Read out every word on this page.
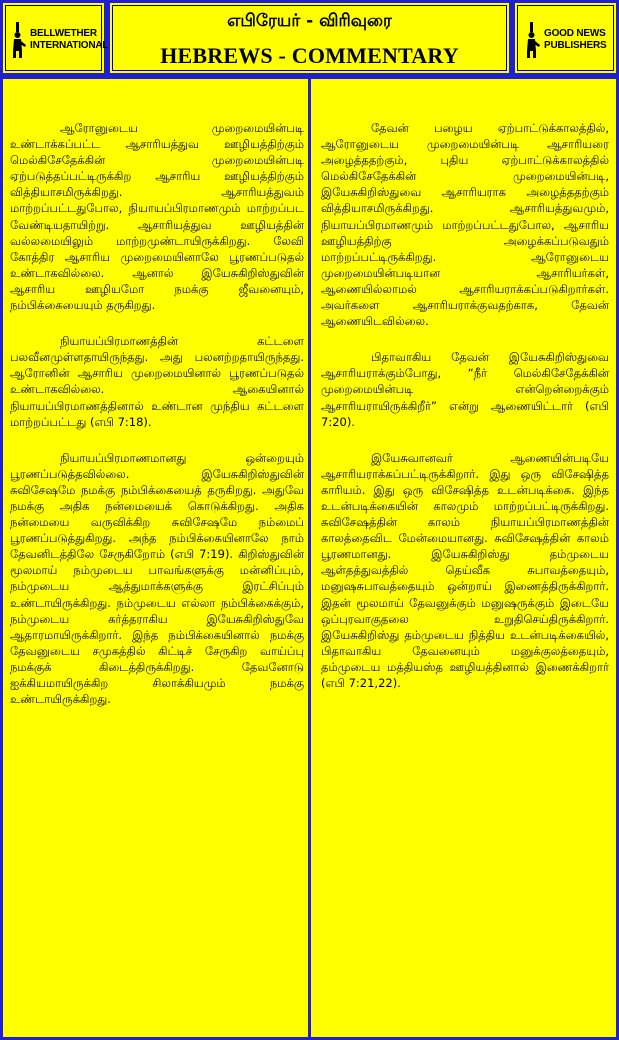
BELLWETHER
INTERNATIONAL
எபிரேயர் - விரிவுரை
HEBREWS - COMMENTARY
GOOD NEWS
PUBLISHERS

ஆரோனுடைய முறைமையின்படி உண்டாக்கப்பட்ட ஆசாரியத்துவ ஊழியத்திற்கும் மெல்கிசேதேக்கின் முறைமையின்படி ஏற்படுத்தப்பட்டிருக்கிற ஆசாரிய ஊழியத்திற்கும் வித்தியாசமிருக்கிறது. ஆசாரியத்துவம் மாற்றப்பட்டதுபோல, நியாயப்பிரமாணமும் மாற்றப்பட வேண்டியதாயிற்று. ஆசாரியத்துவ ஊழியத்தின் வல்லமையிலும் மாற்றமுண்டாயிருக்கிறது. லேவி கோத்திர ஆசாரிய முறைமையினாலே பூரணப்படுதல் உண்டாகவில்லை. ஆனால் இயேசுகிறிஸ்துவின் ஆசாரிய ஊழியமோ நமக்கு ஜீவனையும், நம்பிக்கையையும் தருகிறது.

நியாயப்பிரமாணத்தின் கட்டளை பலவீனமுள்ளதாயிருந்தது. அது பலனற்றதாயிருந்தது. ஆரோனின் ஆசாரிய முறைமையினால் பூரணப்படுதல் உண்டாகவில்லை. ஆகையினால் நியாயப்பிரமாணத்தினால் உண்டான முந்திய கட்டளை மாற்றப்பட்டது (எபி 7:18).

நியாயப்பிரமாணமானது ஒன்றையும் பூரணப்படுத்தவில்லை. இயேசுகிறிஸ்துவின் சுவிசேஷமே நமக்கு நம்பிக்கையைத் தருகிறது. அதுவே நமக்கு அதிக நன்மையைக் கொடுக்கிறது. அதிக நன்மையை வருவிக்கிற சுவிசேஷமே நம்மைப் பூரணப்படுத்துகிறது. அந்த நம்பிக்கையினாலே நாம் தேவனிடத்திலே சேருகிறோம் (எபி 7:19). கிறிஸ்துவின் மூலமாய் நம்முடைய பாவங்களுக்கு மன்னிப்பும், நம்முடைய ஆத்துமாக்களுக்கு இரட்சிப்பும் உண்டாயிருக்கிறது. நம்முடைய எல்லா நம்பிக்கைக்கும், நம்முடைய கர்த்தராகிய இயேசுகிறிஸ்துவே ஆதாரமாயிருக்கிறார். இந்த நம்பிக்கையினால் நமக்கு தேவனுடைய சமுகத்தில் கிட்டிச் சேருகிற வாய்ப்பு நமக்குக் கிடைத்திருக்கிறது. தேவனோடு ஐக்கியமாயிருக்கிற சிலாக்கியமும் நமக்கு உண்டாயிருக்கிறது.

தேவன் பழைய ஏற்பாட்டுக்காலத்தில், ஆரோனுடைய முறைமையின்படி ஆசாரியரை அழைத்ததற்கும், புதிய ஏற்பாட்டுக்காலத்தில் மெல்கிசேதேக்கின் முறைமையின்படி, இயேசுகிறிஸ்துவை ஆசாரியராக அழைத்ததற்கும் வித்தியாசமிருக்கிறது. ஆசாரியத்துவமும், நியாயப்பிரமாணமும் மாற்றப்பட்டதுபோல, ஆசாரிய ஊழியத்திற்கு அழைக்கப்படுவதும் மாற்றப்பட்டிருக்கிறது. ஆரோனுடைய முறைமையின்படியான ஆசாரியர்கள், ஆணையில்லாமல் ஆசாரியராக்கப்படுகிறார்கள். அவர்களை ஆசாரியராக்குவதற்காக, தேவன் ஆணையிடவில்லை.

பிதாவாகிய தேவன் இயேசுகிறிஸ்துவை ஆசாரியராக்கும்போது, “நீர் மெல்கிசேதேக்கின் முறைமையின்படி என்றென்றைக்கும் ஆசாரியராயிருக்கிறீர்” என்று ஆணையிட்டார் (எபி 7:20).

இயேசுவானவர் ஆணையின்படியே ஆசாரியராக்கப்பட்டிருக்கிறார். இது ஒரு விசேஷித்த காரியம். இது ஒரு விசேஷித்த உடன்படிக்கை. இந்த உடன்படிக்கையின் காலமும் மாற்றப்பட்டிருக்கிறது. சுவிசேஷத்தின் காலம் நியாயப்பிரமாணத்தின் காலத்தைவிட மேன்மையானது. சுவிசேஷத்தின் காலம் பூரணமானது. இயேசுகிறிஸ்து தம்முடைய ஆள்தத்துவத்தில் தெய்வீக சுபாவத்தையும், மனுஷசுபாவத்தையும் ஒன்றாய் இணைத்திருக்கிறார். இதன் மூலமாய் தேவனுக்கும் மனுஷருக்கும் இடையே ஒப்புரவாகுதலை உறுதிசெய்திருக்கிறார். இயேசுகிறிஸ்து தம்முடைய நித்திய உடன்படிக்கையில், பிதாவாகிய தேவனையும் மனுக்குலத்தையும், தம்முடைய மத்தியஸ்த ஊழியத்தினால் இணைக்கிறார் (எபி 7:21,22).
